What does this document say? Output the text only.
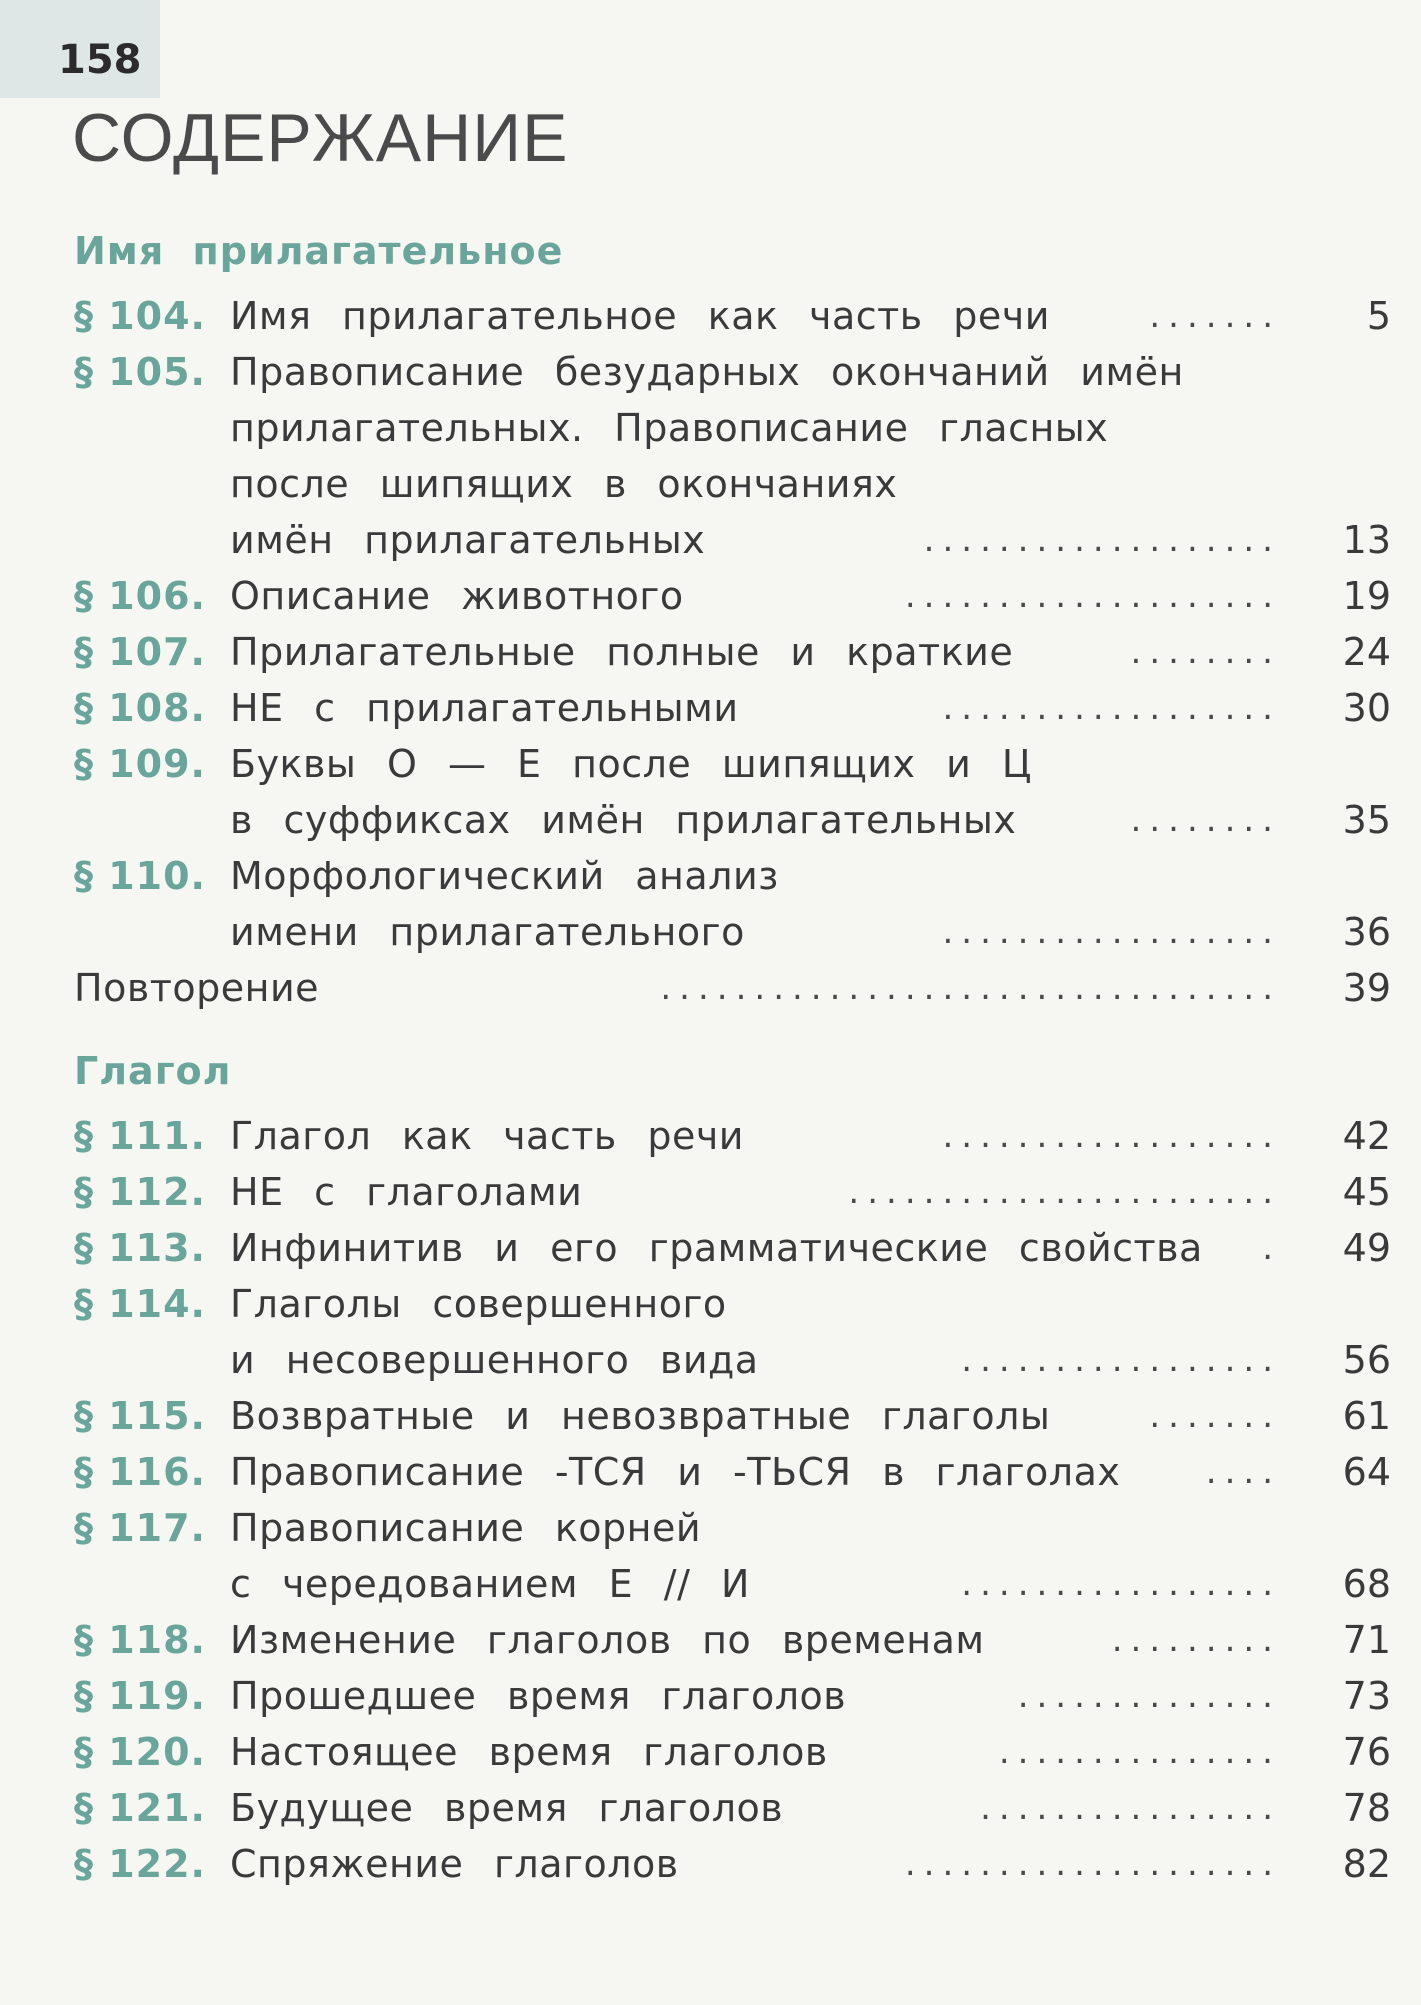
158
СОДЕРЖАНИЕ
Имя прилагательное
§ 104. Имя прилагательное как часть речи	.......	5
§ 105. Правописание безударных окончаний имён
прилагательных. Правописание гласных
после шипящих в окончаниях
имён прилагательных	...................	13
§ 106. Описание животного	....................	19
§ 107. Прилагательные полные и краткие	........	24
§ 108. НЕ с прилагательными	..................	30
§ 109. Буквы О — Е после шипящих и Ц
в суффиксах имён прилагательных	........	35
§ 110. Морфологический анализ
имени прилагательного	..................	36
Повторение	.................................	39
Глагол
§ 111. Глагол как часть речи	..................	42
§ 112. НЕ с глаголами	.......................	45
§ 113. Инфинитив и его грамматические свойства .	49
§ 114. Глаголы совершенного
и несовершенного вида	.................	56
§ 115. Возвратные и невозвратные глаголы	.......	61
§ 116. Правописание -ТСЯ и -ТЬСЯ в глаголах	....	64
§ 117. Правописание корней
с чередованием Е // И	.................	68
§ 118. Изменение глаголов по временам	.........	71
§ 119. Прошедшее время глаголов	..............	73
§ 120. Настоящее время глаголов	...............	76
§ 121. Будущее время глаголов	................	78
§ 122. Спряжение глаголов	....................	82
